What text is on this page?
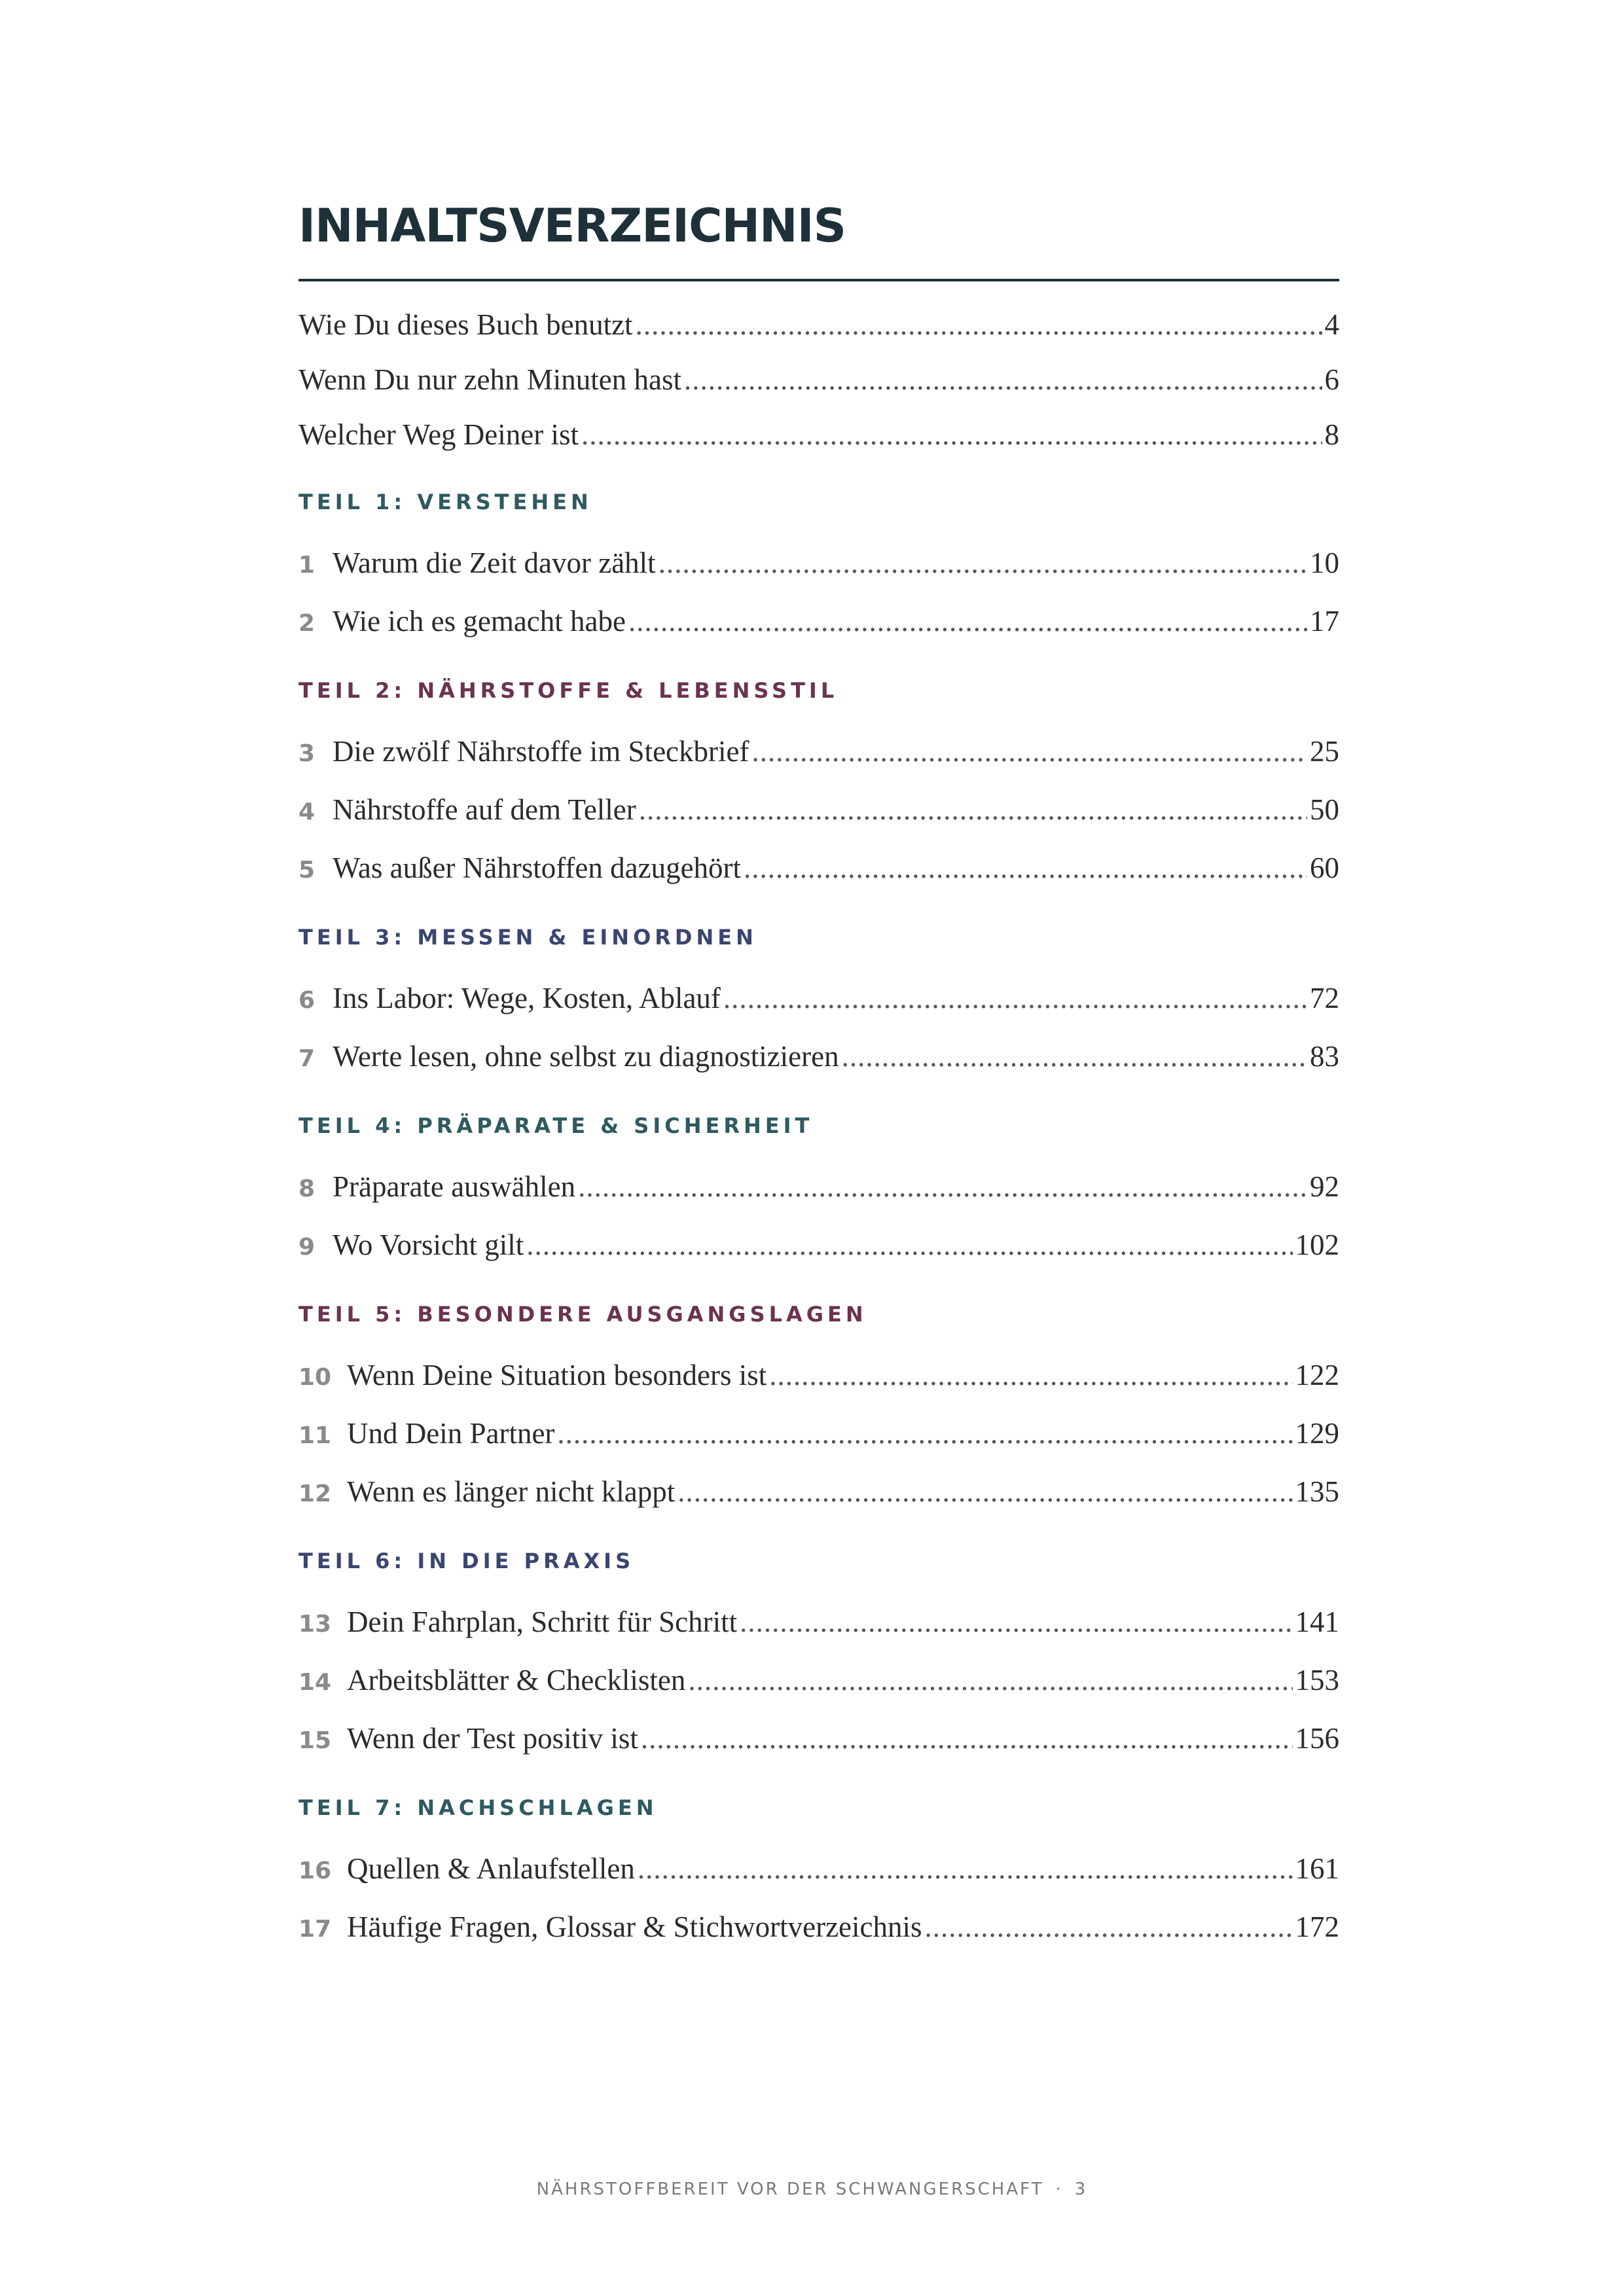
INHALTSVERZEICHNIS
Wie Du dieses Buch benutzt .....	4
Wenn Du nur zehn Minuten hast .....	6
Welcher Weg Deiner ist .....	8
TEIL 1: VERSTEHEN
1 Warum die Zeit davor zählt .....	10
2 Wie ich es gemacht habe .....	17
TEIL 2: NÄHRSTOFFE & LEBENSSTIL
3 Die zwölf Nährstoffe im Steckbrief .....	25
4 Nährstoffe auf dem Teller .....	50
5 Was außer Nährstoffen dazugehört .....	60
TEIL 3: MESSEN & EINORDNEN
6 Ins Labor: Wege, Kosten, Ablauf .....	72
7 Werte lesen, ohne selbst zu diagnostizieren .....	83
TEIL 4: PRÄPARATE & SICHERHEIT
8 Präparate auswählen .....	92
9 Wo Vorsicht gilt .....	102
TEIL 5: BESONDERE AUSGANGSLAGEN
10 Wenn Deine Situation besonders ist .....	122
11 Und Dein Partner .....	129
12 Wenn es länger nicht klappt .....	135
TEIL 6: IN DIE PRAXIS
13 Dein Fahrplan, Schritt für Schritt .....	141
14 Arbeitsblätter & Checklisten .....	153
15 Wenn der Test positiv ist .....	156
TEIL 7: NACHSCHLAGEN
16 Quellen & Anlaufstellen .....	161
17 Häufige Fragen, Glossar & Stichwortverzeichnis .....	172
NÄHRSTOFFBEREIT VOR DER SCHWANGERSCHAFT · 3
